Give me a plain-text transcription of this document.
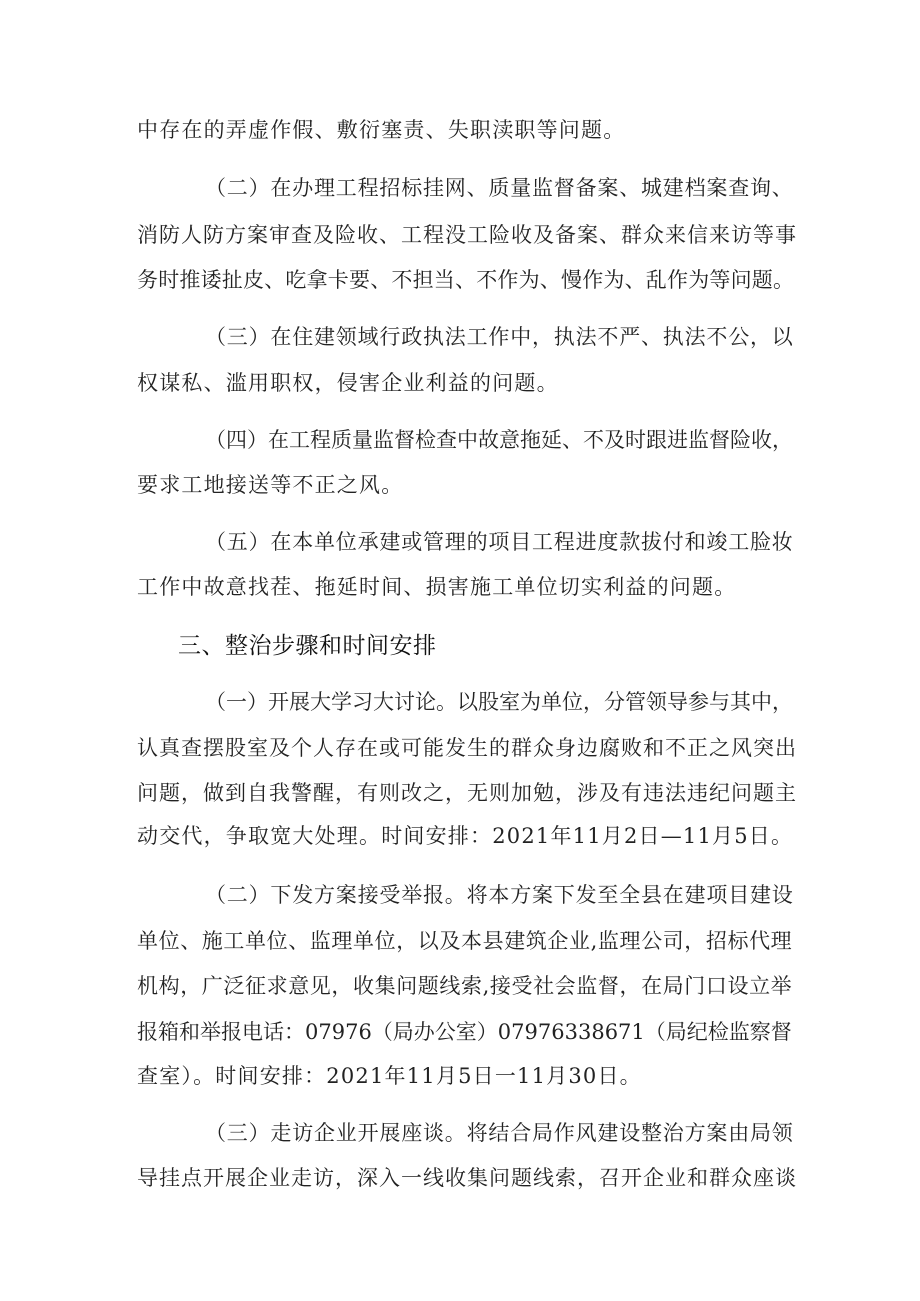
中存在的弄虚作假、敷衍塞责、失职渎职等问题。
（二）在办理工程招标挂网、质量监督备案、城建档案查询、
消防人防方案审查及险收、工程没工险收及备案、群众来信来访等事
务时推诿扯皮、吃拿卡要、不担当、不作为、慢作为、乱作为等问题。
（三）在住建领域行政执法工作中，执法不严、执法不公，以
权谋私、滥用职权，侵害企业利益的问题。
（四）在工程质量监督检查中故意拖延、不及时跟进监督险收，
要求工地接送等不正之风。
（五）在本单位承建或管理的项目工程进度款拔付和竣工脸妆
工作中故意找茬、拖延时间、损害施工单位切实利益的问题。
三、整治步骤和时间安排
（一）开展大学习大讨论。以股室为单位，分管领导参与其中，
认真查摆股室及个人存在或可能发生的群众身边腐败和不正之风突出
问题，做到自我警醒，有则改之，无则加勉，涉及有违法违纪问题主
动交代，争取宽大处理。时间安排：2021年11月2日—11月5日。
（二）下发方案接受举报。将本方案下发至全县在建项目建设
单位、施工单位、监理单位，以及本县建筑企业,监理公司，招标代理
机构，广泛征求意见，收集问题线索,接受社会监督，在局门口设立举
报箱和举报电话：07976（局办公室）07976338671（局纪检监察督
查室）。时间安排：2021年11月5日一11月30日。
（三）走访企业开展座谈。将结合局作风建设整治方案由局领
导挂点开展企业走访，深入一线收集问题线索，召开企业和群众座谈
